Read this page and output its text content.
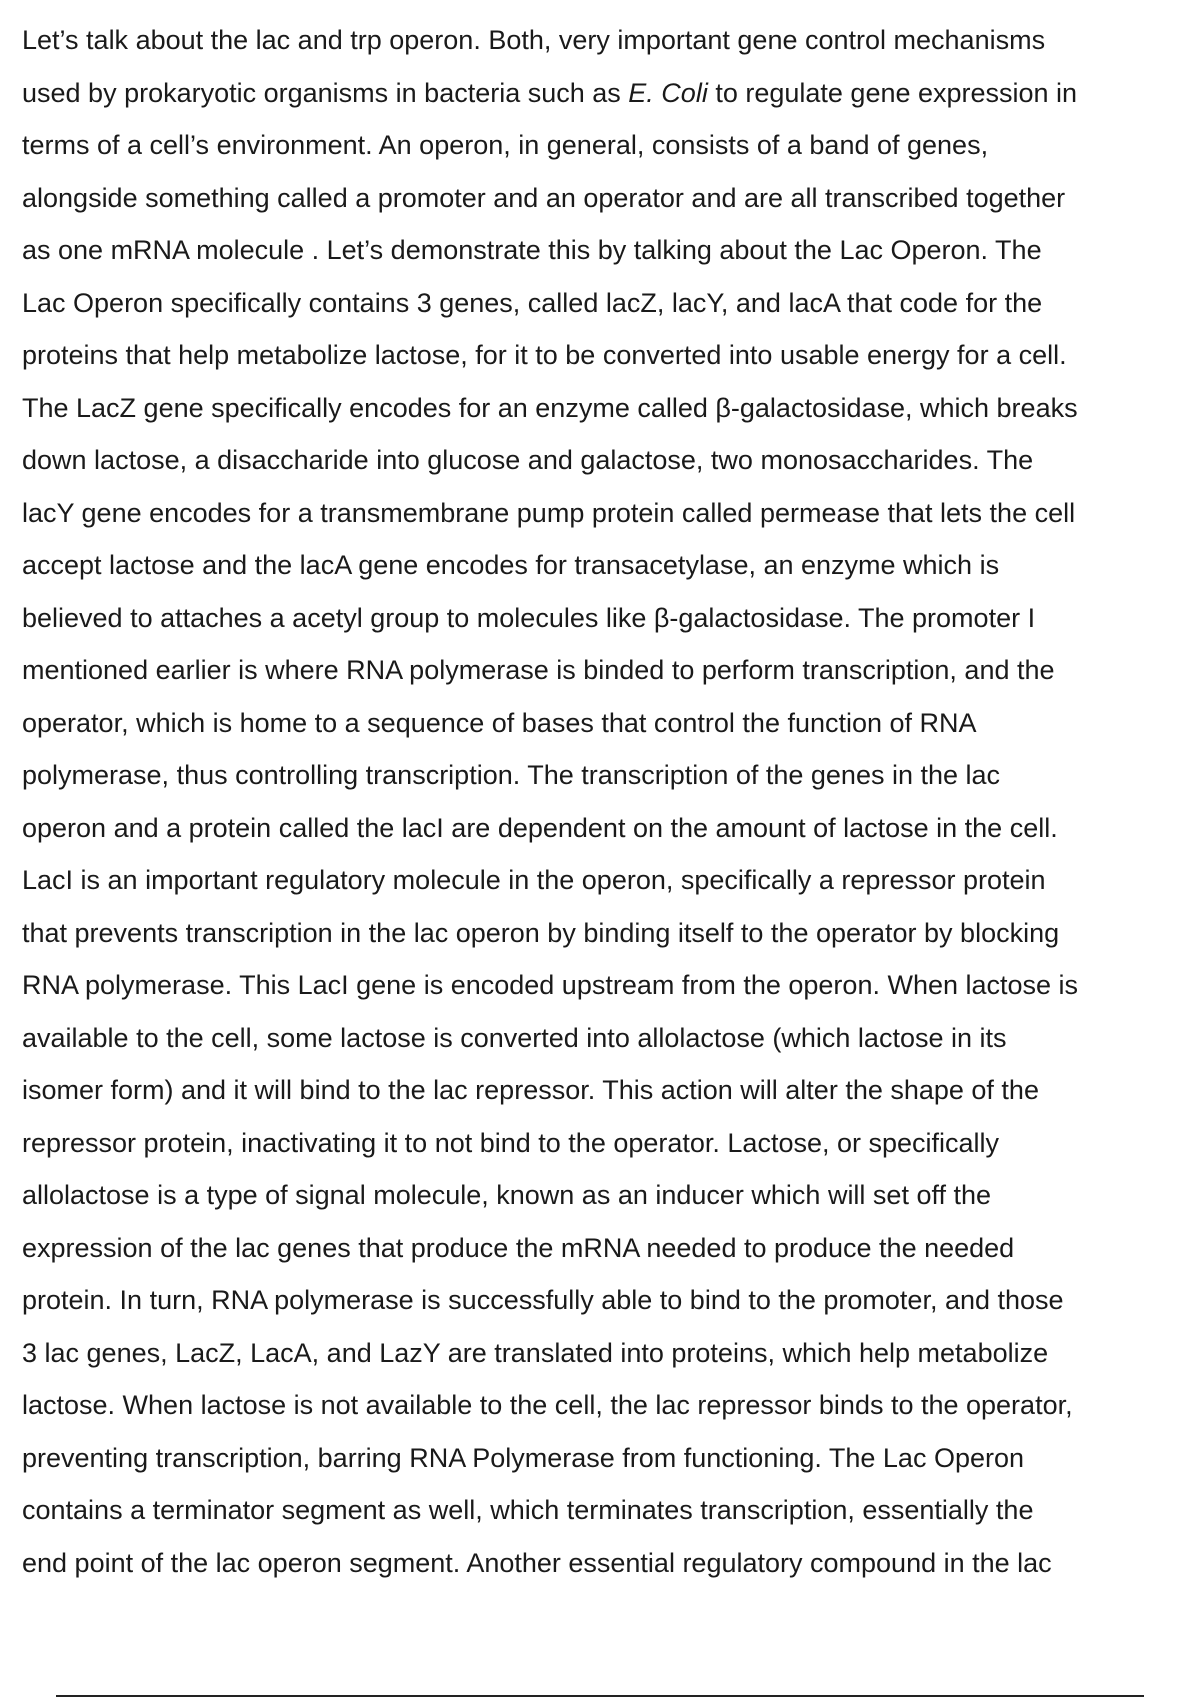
Let’s talk about the lac and trp operon. Both, very important gene control mechanisms
used by prokaryotic organisms in bacteria such as E. Coli to regulate gene expression in
terms of a cell’s environment. An operon, in general, consists of a band of genes,
alongside something called a promoter and an operator and are all transcribed together
as one mRNA molecule . Let’s demonstrate this by talking about the Lac Operon. The
Lac Operon specifically contains 3 genes, called lacZ, lacY, and lacA that code for the
proteins that help metabolize lactose, for it to be converted into usable energy for a cell.
The LacZ gene specifically encodes for an enzyme called β-galactosidase, which breaks
down lactose, a disaccharide into glucose and galactose, two monosaccharides. The
lacY gene encodes for a transmembrane pump protein called permease that lets the cell
accept lactose and the lacA gene encodes for transacetylase, an enzyme which is
believed to attaches a acetyl group to molecules like β-galactosidase. The promoter I
mentioned earlier is where RNA polymerase is binded to perform transcription, and the
operator, which is home to a sequence of bases that control the function of RNA
polymerase, thus controlling transcription. The transcription of the genes in the lac
operon and a protein called the lacI are dependent on the amount of lactose in the cell.
LacI is an important regulatory molecule in the operon, specifically a repressor protein
that prevents transcription in the lac operon by binding itself to the operator by blocking
RNA polymerase. This LacI gene is encoded upstream from the operon. When lactose is
available to the cell, some lactose is converted into allolactose (which lactose in its
isomer form) and it will bind to the lac repressor. This action will alter the shape of the
repressor protein, inactivating it to not bind to the operator. Lactose, or specifically
allolactose is a type of signal molecule, known as an inducer which will set off the
expression of the lac genes that produce the mRNA needed to produce the needed
protein. In turn, RNA polymerase is successfully able to bind to the promoter, and those
3 lac genes, LacZ, LacA, and LazY are translated into proteins, which help metabolize
lactose. When lactose is not available to the cell, the lac repressor binds to the operator,
preventing transcription, barring RNA Polymerase from functioning. The Lac Operon
contains a terminator segment as well, which terminates transcription, essentially the
end point of the lac operon segment. Another essential regulatory compound in the lac
